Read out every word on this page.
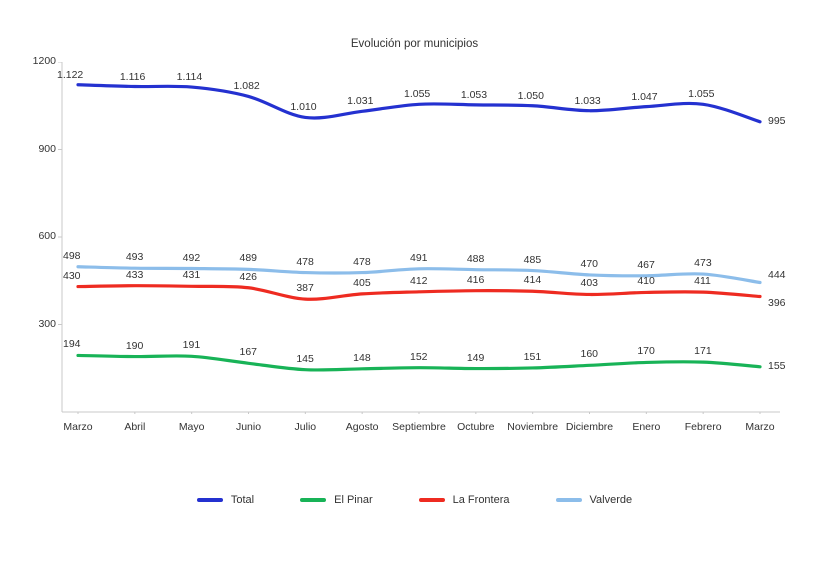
Evolución por municipios
1200
900
600
300
Marzo	Abril	Mayo	Junio	Julio	Agosto	Septiembre	Octubre	Noviembre Diciembre	Enero	Febrero	Marzo
1.122	1.116	1.114
1.082
1.010
1.031
1.055	1.053	1.050	1.033	1.047	1.055
995
194	190	191
167
145	148	152	149	151	160	170	171
155
430	433	431	426
387	405	412	416	414	403	410	411
396
498	493	492	489	478	478	491	488	485	470	467	473
444
Total	El Pinar	La Frontera	Valverde
